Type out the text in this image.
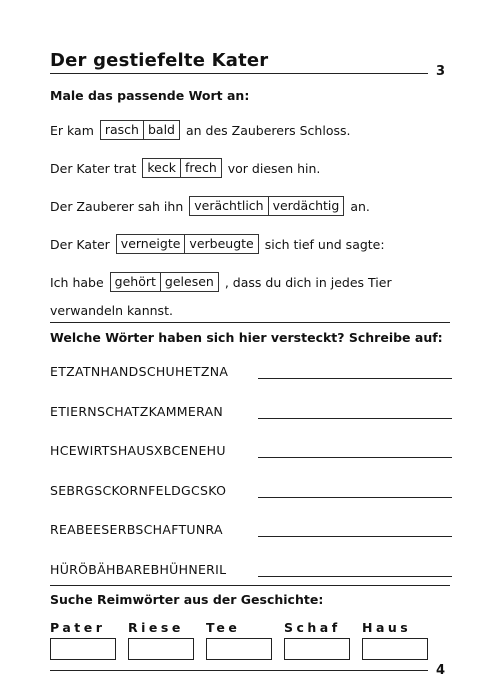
Der gestiefelte Kater
3
Male das passende Wort an:
Er kam rasch bald an des Zauberers Schloss.
Der Kater trat keck frech vor diesen hin.
Der Zauberer sah ihn verächtlich verdächtig an.
Der Kater verneigte verbeugte sich tief und sagte:
Ich habe gehört gelesen , dass du dich in jedes Tier
verwandeln kannst.
Welche Wörter haben sich hier versteckt? Schreibe auf:
ETZATNHANDSCHUHETZNA
ETIERNSCHATZKAMMERAN
HCEWIRTSHAUSXBCENEHU
SEBRGSCKORNFELDGCSKO
REABEESERBSCHAFTUNRA
HÜRÖBÄHBAREBHÜHNERIL
Suche Reimwörter aus der Geschichte:
Pater	Riese	Tee	Schaf	Haus
4
